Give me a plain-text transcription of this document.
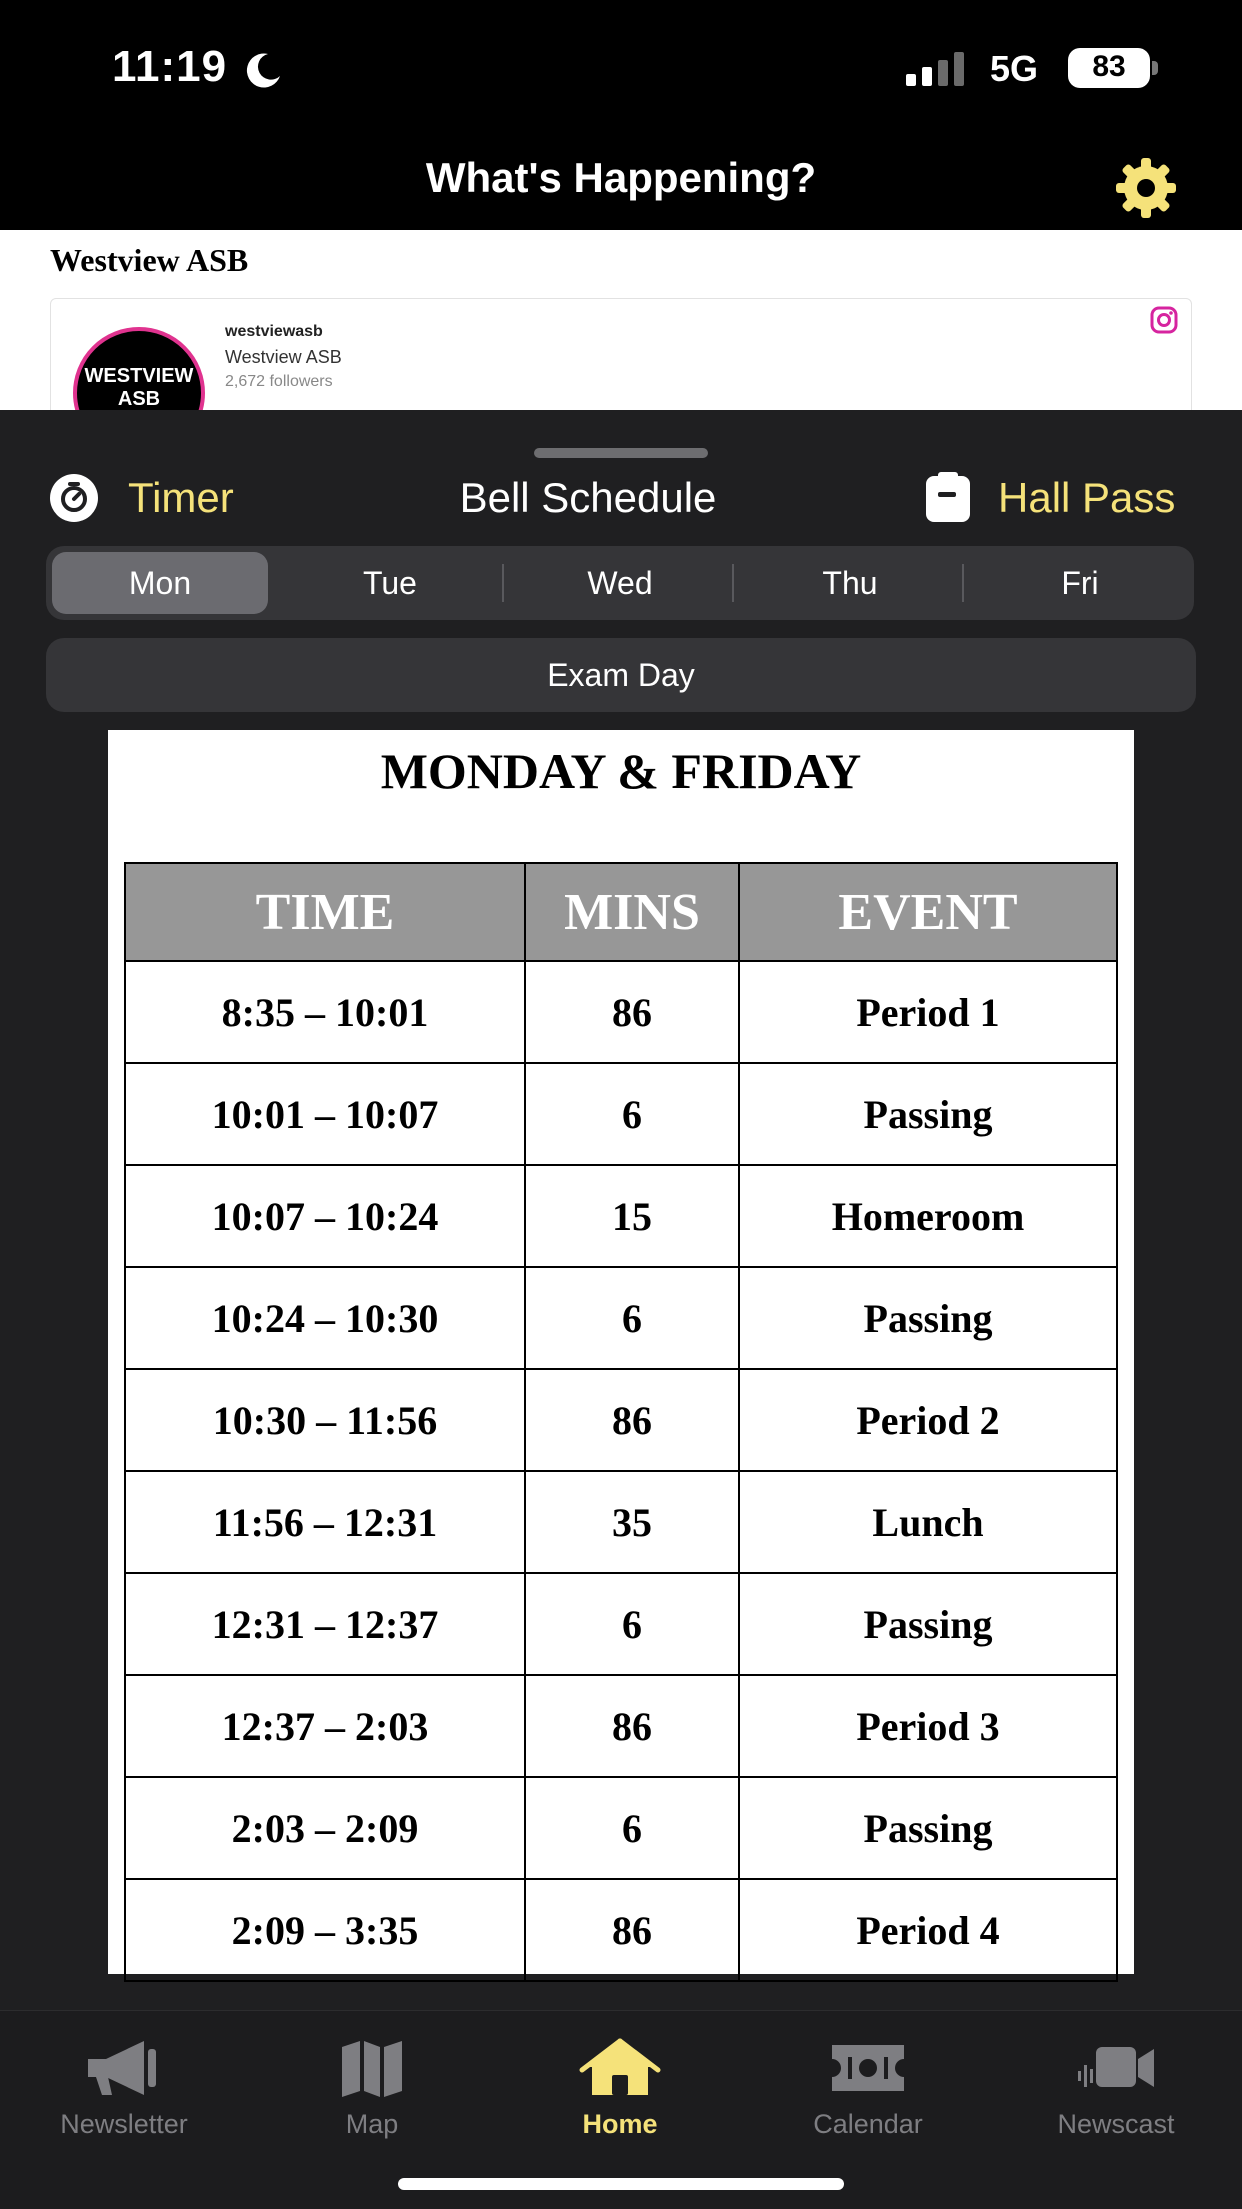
11:19	5G	83
What's Happening?
Westview ASB
WESTVIEW ASB
westviewasb
Westview ASB
2,672 followers
Timer	Bell Schedule	Hall Pass
Mon	Tue	Wed	Thu	Fri
Exam Day
MONDAY & FRIDAY
TIME	MINS	EVENT
8:35 – 10:01	86	Period 1
10:01 – 10:07	6	Passing
10:07 – 10:24	15	Homeroom
10:24 – 10:30	6	Passing
10:30 – 11:56	86	Period 2
11:56 – 12:31	35	Lunch
12:31 – 12:37	6	Passing
12:37 – 2:03	86	Period 3
2:03 – 2:09	6	Passing
2:09 – 3:35	86	Period 4
Newsletter	Map	Home	Calendar	Newscast
